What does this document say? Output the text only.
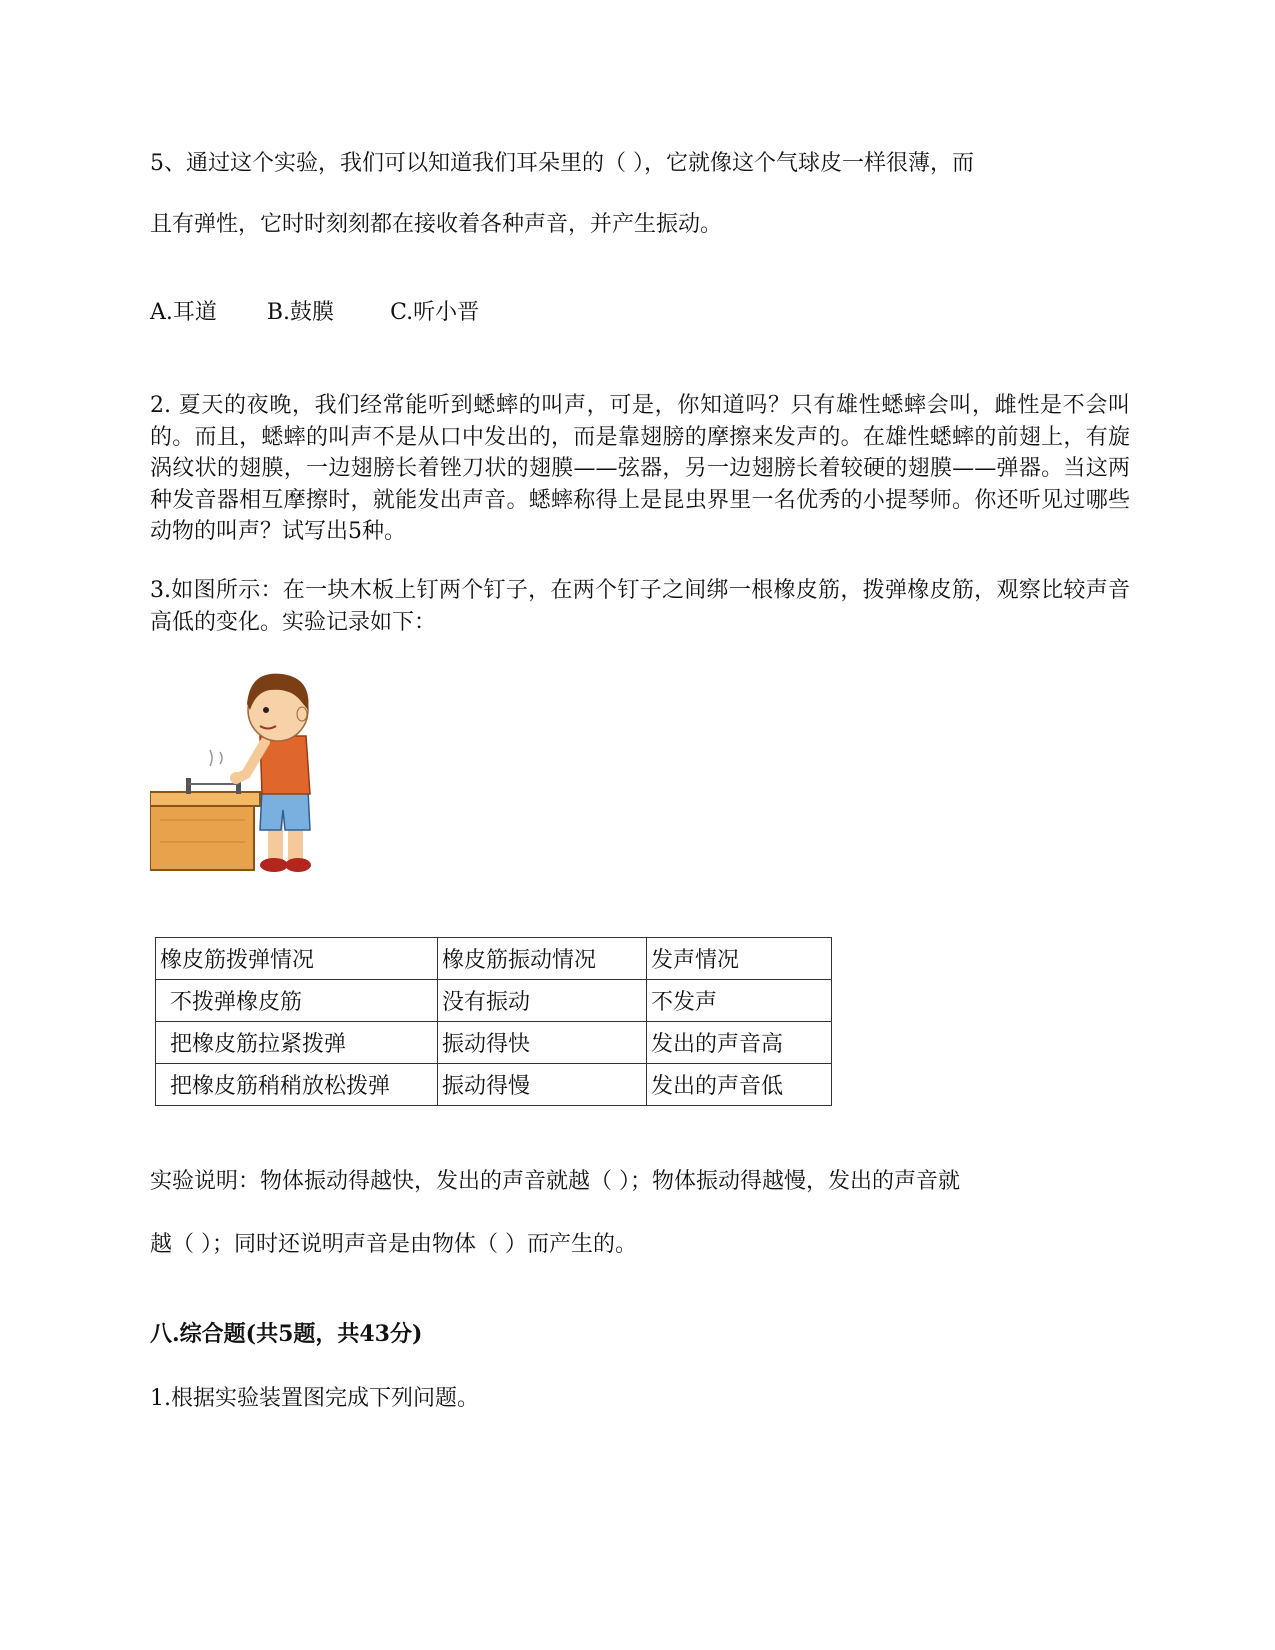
5、通过这个实验，我们可以知道我们耳朵里的（ ），它就像这个气球皮一样很薄，而
且有弹性，它时时刻刻都在接收着各种声音，并产生振动。
A.耳道 B.鼓膜	C.听小晋
2. 夏天的夜晚，我们经常能听到蟋蟀的叫声，可是，你知道吗？只有雄性蟋蟀会叫，雌性是不会叫的。而且，蟋蟀的叫声不是从口中发出的，而是靠翅膀的摩擦来发声的。在雄性蟋蟀的前翅上，有旋涡纹状的翅膜，一边翅膀长着锉刀状的翅膜——弦器，另一边翅膀长着较硬的翅膜——弹器。当这两种发音器相互摩擦时，就能发出声音。蟋蟀称得上是昆虫界里一名优秀的小提琴师。你还听见过哪些动物的叫声？试写出5种。
3.如图所示：在一块木板上钉两个钉子，在两个钉子之间绑一根橡皮筋，拨弹橡皮筋，观察比较声音高低的变化。实验记录如下：
橡皮筋拨弹情况	橡皮筋振动情况	发声情况
不拨弹橡皮筋	没有振动	不发声
把橡皮筋拉紧拨弹	振动得快	发出的声音高
把橡皮筋稍稍放松拨弹	振动得慢	发出的声音低
实验说明：物体振动得越快，发出的声音就越（ ）；物体振动得越慢，发出的声音就
越（ ）；同时还说明声音是由物体（ ）而产生的。
八.综合题(共5题，共43分)
1.根据实验装置图完成下列问题。
